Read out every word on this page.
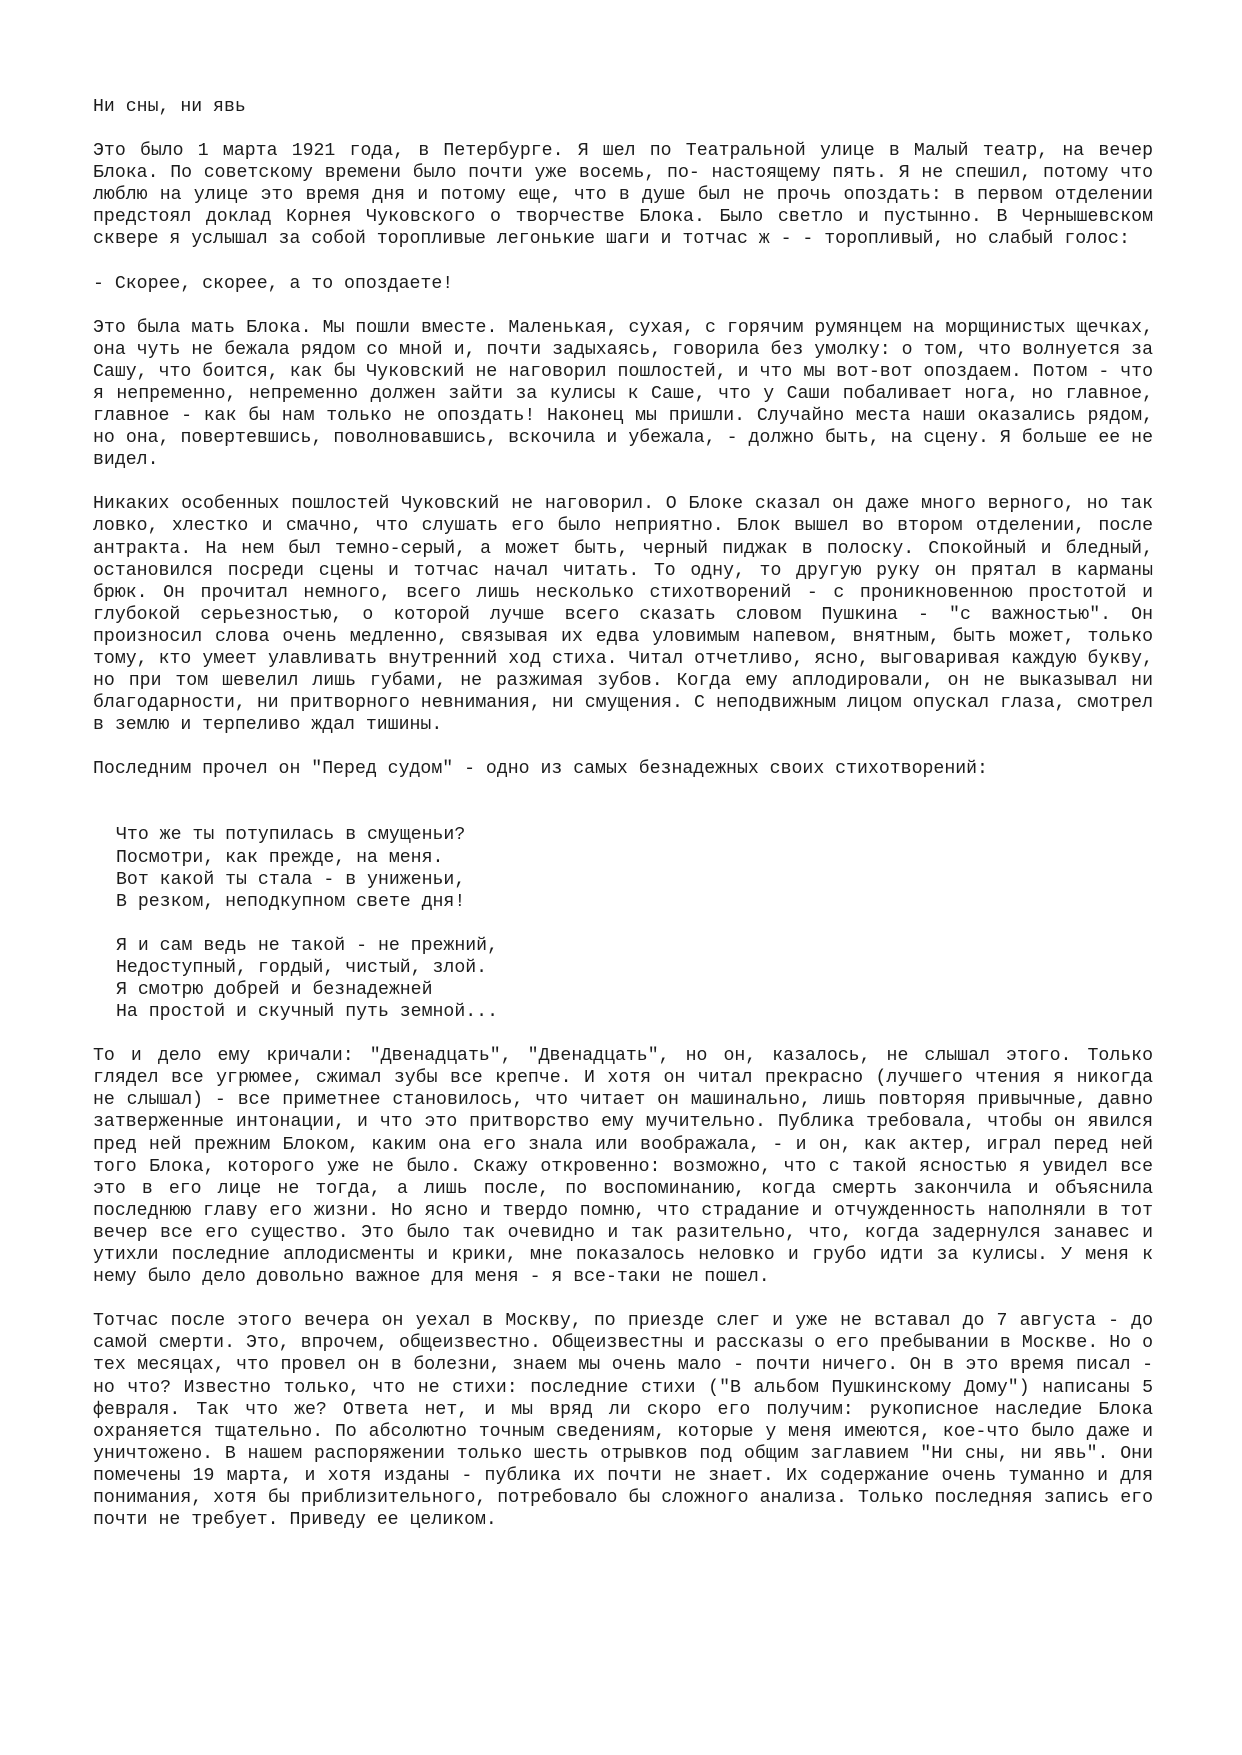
Ни сны, ни явь

Это было 1 марта 1921 года, в Петербурге. Я шел по Театральной улице в Малый театр, на вечер Блока. По советскому времени было почти уже восемь, по- настоящему пять. Я не спешил, потому что люблю на улице это время дня и потому еще, что в душе был не прочь опоздать: в первом отделении предстоял доклад Корнея Чуковского о творчестве Блока. Было светло и пустынно. В Чернышевском сквере я услышал за собой торопливые легонькие шаги и тотчас ж - - торопливый, но слабый голос:

- Скорее, скорее, а то опоздаете!

Это была мать Блока. Мы пошли вместе. Маленькая, сухая, с горячим румянцем на морщинистых щечках, она чуть не бежала рядом со мной и, почти задыхаясь, говорила без умолку: о том, что волнуется за Сашу, что боится, как бы Чуковский не наговорил пошлостей, и что мы вот-вот опоздаем. Потом - что я непременно, непременно должен зайти за кулисы к Саше, что у Саши побаливает нога, но главное, главное - как бы нам только не опоздать! Наконец мы пришли. Случайно места наши оказались рядом, но она, повертевшись, поволновавшись, вскочила и убежала, - должно быть, на сцену. Я больше ее не видел.

Никаких особенных пошлостей Чуковский не наговорил. О Блоке сказал он даже много верного, но так ловко, хлестко и смачно, что слушать его было неприятно. Блок вышел во втором отделении, после антракта. На нем был темно-серый, а может быть, черный пиджак в полоску. Спокойный и бледный, остановился посреди сцены и тотчас начал читать. То одну, то другую руку он прятал в карманы брюк. Он прочитал немного, всего лишь несколько стихотворений - с проникновенною простотой и глубокой серьезностью, о которой лучше всего сказать словом Пушкина - "с важностью". Он произносил слова очень медленно, связывая их едва уловимым напевом, внятным, быть может, только тому, кто умеет улавливать внутренний ход стиха. Читал отчетливо, ясно, выговаривая каждую букву, но при том шевелил лишь губами, не разжимая зубов. Когда ему аплодировали, он не выказывал ни благодарности, ни притворного невнимания, ни смущения. С неподвижным лицом опускал глаза, смотрел в землю и терпеливо ждал тишины.

Последним прочел он "Перед судом" - одно из самых безнадежных своих стихотворений:

Что же ты потупилась в смущеньи?
Посмотри, как прежде, на меня.
Вот какой ты стала - в униженьи,
В резком, неподкупном свете дня!
Я и сам ведь не такой - не прежний,
Недоступный, гордый, чистый, злой.
Я смотрю добрей и безнадежней
На простой и скучный путь земной...

То и дело ему кричали: "Двенадцать", "Двенадцать", но он, казалось, не слышал этого. Только глядел все угрюмее, сжимал зубы все крепче. И хотя он читал прекрасно (лучшего чтения я никогда не слышал) - все приметнее становилось, что читает он машинально, лишь повторяя привычные, давно затверженные интонации, и что это притворство ему мучительно. Публика требовала, чтобы он явился пред ней прежним Блоком, каким она его знала или воображала, - и он, как актер, играл перед ней того Блока, которого уже не было. Скажу откровенно: возможно, что с такой ясностью я увидел все это в его лице не тогда, а лишь после, по воспоминанию, когда смерть закончила и объяснила последнюю главу его жизни. Но ясно и твердо помню, что страдание и отчужденность наполняли в тот вечер все его существо. Это было так очевидно и так разительно, что, когда задернулся занавес и утихли последние аплодисменты и крики, мне показалось неловко и грубо идти за кулисы. У меня к нему было дело довольно важное для меня - я все-таки не пошел.

Тотчас после этого вечера он уехал в Москву, по приезде слег и уже не вставал до 7 августа - до самой смерти. Это, впрочем, общеизвестно. Общеизвестны и рассказы о его пребывании в Москве. Но о тех месяцах, что провел он в болезни, знаем мы очень мало - почти ничего. Он в это время писал - но что? Известно только, что не стихи: последние стихи ("В альбом Пушкинскому Дому") написаны 5 февраля. Так что же? Ответа нет, и мы вряд ли скоро его получим: рукописное наследие Блока охраняется тщательно. По абсолютно точным сведениям, которые у меня имеются, кое-что было даже и уничтожено. В нашем распоряжении только шесть отрывков под общим заглавием "Ни сны, ни явь". Они помечены 19 марта, и хотя изданы - публика их почти не знает. Их содержание очень туманно и для понимания, хотя бы приблизительного, потребовало бы сложного анализа. Только последняя запись его почти не требует. Приведу ее целиком.
